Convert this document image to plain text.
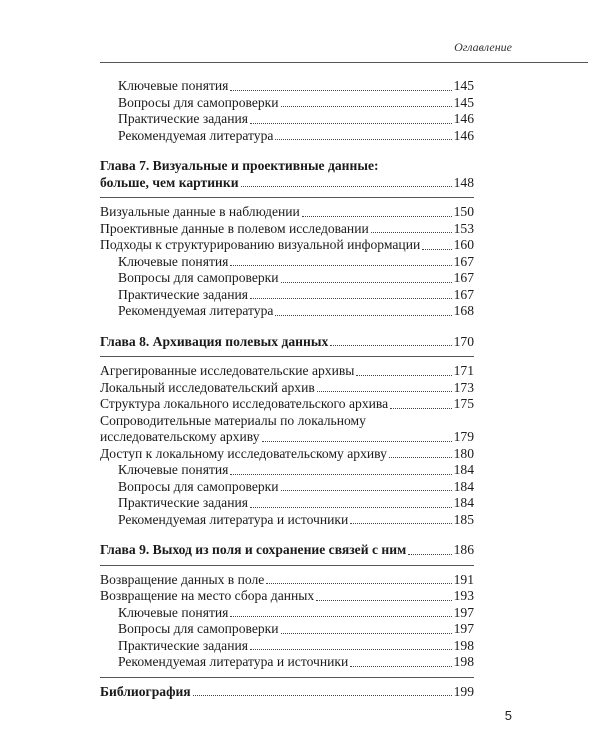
Оглавление
Ключевые понятия	145
Вопросы для самопроверки	145
Практические задания	146
Рекомендуемая литература	146
Глава 7. Визуальные и проективные данные:
больше, чем картинки	148
Визуальные данные в наблюдении	150
Проективные данные в полевом исследовании	153
Подходы к структурированию визуальной информации 160
Ключевые понятия	167
Вопросы для самопроверки	167
Практические задания	167
Рекомендуемая литература	168
Глава 8. Архивация полевых данных	170
Агрегированные исследовательские архивы	171
Локальный исследовательский архив	173
Структура локального исследовательского архива	175
Сопроводительные материалы по локальному
исследовательскому архиву	179
Доступ к локальному исследовательскому архиву	180
Ключевые понятия	184
Вопросы для самопроверки	184
Практические задания	184
Рекомендуемая литература и источники	185
Глава 9. Выход из поля и сохранение связей с ним	186
Возвращение данных в поле	191
Возвращение на место сбора данных	193
Ключевые понятия	197
Вопросы для самопроверки	197
Практические задания	198
Рекомендуемая литература и источники	198
Библиография	199
5
